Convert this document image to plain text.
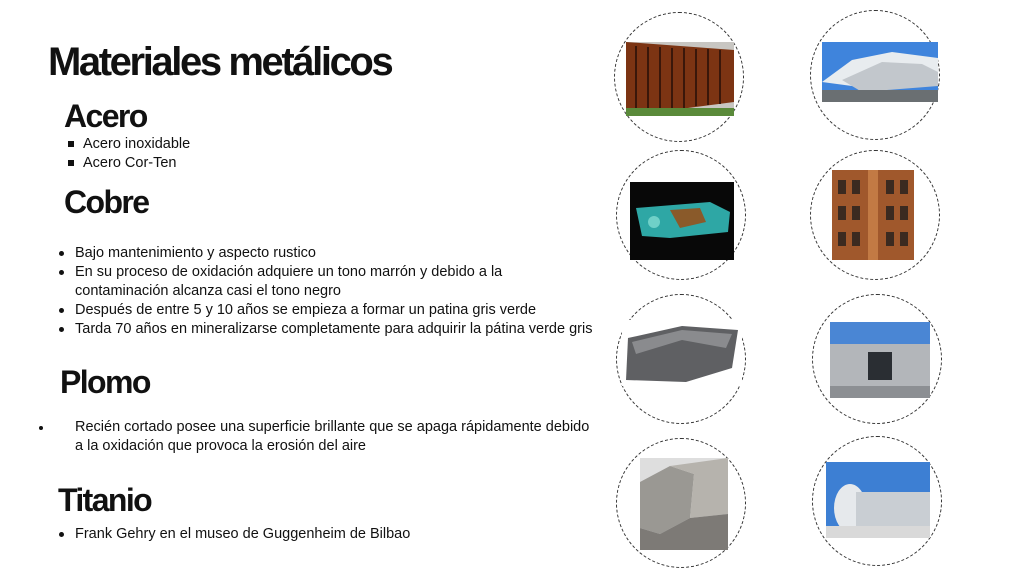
Materiales metálicos
Acero
Acero inoxidable
Acero Cor-Ten
Cobre
Bajo mantenimiento y aspecto rustico
En su proceso de oxidación adquiere un tono marrón y debido a la contaminación alcanza casi el tono negro
Después de entre 5 y 10 años se empieza a formar un patina gris verde
Tarda 70 años en mineralizarse completamente para adquirir la pátina verde gris
Plomo
Recién cortado posee una superficie brillante que se apaga rápidamente debido a la oxidación que provoca la erosión del aire
Titanio
Frank Gehry en el museo de Guggenheim de Bilbao
